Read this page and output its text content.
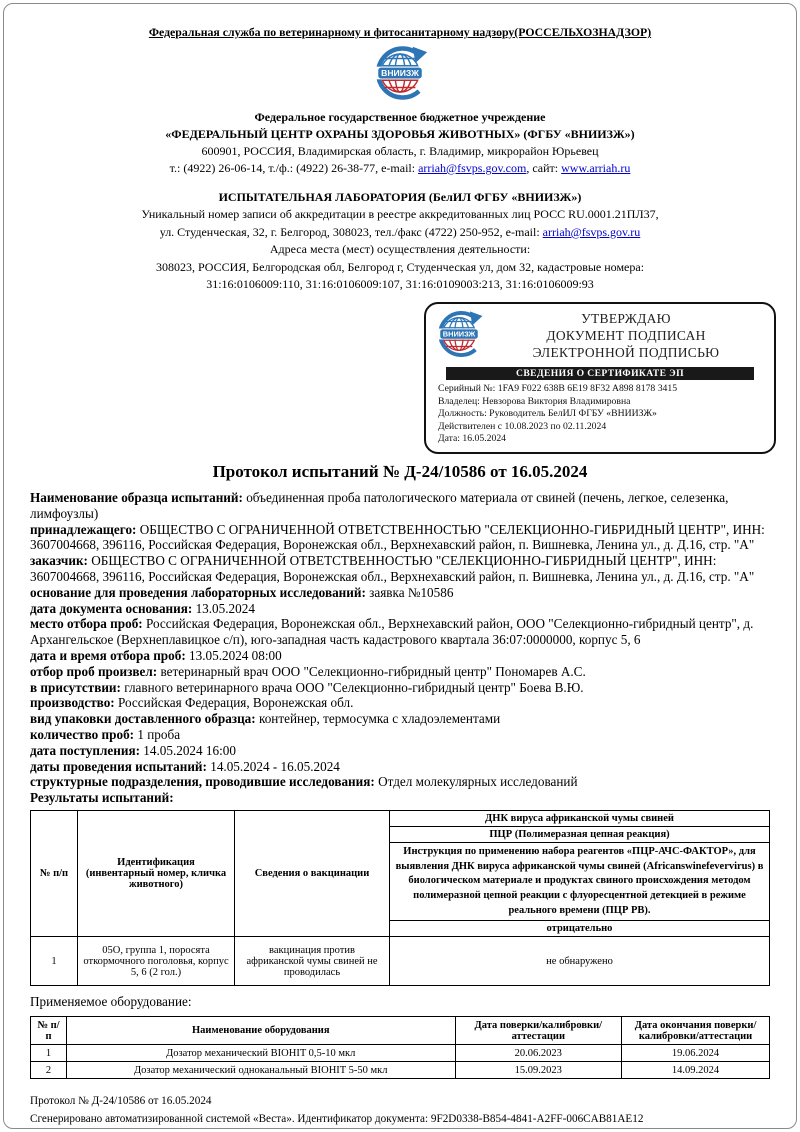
Федеральная служба по ветеринарному и фитосанитарному надзору(РОССЕЛЬХОЗНАДЗОР)
Федеральное государственное бюджетное учреждение
«ФЕДЕРАЛЬНЫЙ ЦЕНТР ОХРАНЫ ЗДОРОВЬЯ ЖИВОТНЫХ» (ФГБУ «ВНИИЗЖ»)
600901, РОССИЯ, Владимирская область, г. Владимир, микрорайон Юрьевец
т.: (4922) 26-06-14, т./ф.: (4922) 26-38-77, e-mail: arriah@fsvps.gov.com, сайт: www.arriah.ru
ИСПЫТАТЕЛЬНАЯ ЛАБОРАТОРИЯ (БелИЛ ФГБУ «ВНИИЗЖ»)
Уникальный номер записи об аккредитации в реестре аккредитованных лиц РОСС RU.0001.21ПЛ37,
ул. Студенческая, 32, г. Белгород, 308023, тел./факс (4722) 250-952, e-mail: arriah@fsvps.gov.ru
Адреса места (мест) осуществления деятельности:
308023, РОССИЯ, Белгородская обл, Белгород г, Студенческая ул, дом 32, кадастровые номера:
31:16:0106009:110, 31:16:0106009:107, 31:16:0109003:213, 31:16:0106009:93
УТВЕРЖДАЮ
ДОКУМЕНТ ПОДПИСАН
ЭЛЕКТРОННОЙ ПОДПИСЬЮ
СВЕДЕНИЯ О СЕРТИФИКАТЕ ЭП
Серийный №: 1FA9 F022 638B 6E19 8F32 A898 8178 3415
Владелец: Невзорова Виктория Владимировна
Должность: Руководитель БелИЛ ФГБУ «ВНИИЗЖ»
Действителен с 10.08.2023 по 02.11.2024
Дата: 16.05.2024
Протокол испытаний № Д-24/10586 от 16.05.2024

Наименование образца испытаний: объединенная проба патологического материала от свиней (печень, легкое, селезенка, лимфоузлы)

принадлежащего: ОБЩЕСТВО С ОГРАНИЧЕННОЙ ОТВЕТСТВЕННОСТЬЮ "СЕЛЕКЦИОННО-ГИБРИДНЫЙ ЦЕНТР", ИНН: 3607004668, 396116, Российская Федерация, Воронежская обл., Верхнехавский район, п. Вишневка, Ленина ул., д. Д.16, стр. "А"

заказчик: ОБЩЕСТВО С ОГРАНИЧЕННОЙ ОТВЕТСТВЕННОСТЬЮ "СЕЛЕКЦИОННО-ГИБРИДНЫЙ ЦЕНТР", ИНН: 3607004668, 396116, Российская Федерация, Воронежская обл., Верхнехавский район, п. Вишневка, Ленина ул., д. Д.16, стр. "А"

основание для проведения лабораторных исследований: заявка №10586

дата документа основания: 13.05.2024

место отбора проб: Российская Федерация, Воронежская обл., Верхнехавский район, ООО "Селекционно-гибридный центр", д. Архангельское (Верхнеплавицкое с/п), юго-западная часть кадастрового квартала 36:07:0000000, корпус 5, 6

дата и время отбора проб: 13.05.2024 08:00

отбор проб произвел: ветеринарный врач ООО "Селекционно-гибридный центр" Пономарев А.С.

в присутствии: главного ветеринарного врача ООО "Селекционно-гибридный центр" Боева В.Ю.

производство: Российская Федерация, Воронежская обл.

вид упаковки доставленного образца: контейнер, термосумка с хладоэлементами

количество проб: 1 проба

дата поступления: 14.05.2024 16:00

даты проведения испытаний: 14.05.2024 - 16.05.2024

структурные подразделения, проводившие исследования: Отдел молекулярных исследований

Результаты испытаний:

№ п/п	Идентификация (инвентарный номер, кличка животного)	Сведения о вакцинации	ДНК вируса африканской чумы свиней
			ПЦР (Полимеразная цепная реакция)
			Инструкция по применению набора реагентов «ПЦР-АЧС-ФАКТОР», для выявления ДНК вируса африканской чумы свиней (Africanswinefevervirus) в биологическом материале и продуктах свиного происхождения методом полимеразной цепной реакции с флуоресцентной детекцией в режиме реального времени (ПЦР РВ).
			отрицательно
1	05О, группа 1, поросята откормочного поголовья, корпус 5, 6 (2 гол.)	вакцинация против африканской чумы свиней не проводилась	не обнаружено
Применяемое оборудование:
№ п/п	Наименование оборудования	Дата поверки/калибровки/аттестации	Дата окончания поверки/калибровки/аттестации
1	Дозатор механический BIOHIT 0,5-10 мкл	20.06.2023	19.06.2024
2	Дозатор механический одноканальный BIOHIT 5-50 мкл	15.09.2023	14.09.2024
Протокол № Д-24/10586 от 16.05.2024
Сгенерировано автоматизированной системой «Веста». Идентификатор документа: 9F2D0338-B854-4841-A2FF-006CAB81AE12
